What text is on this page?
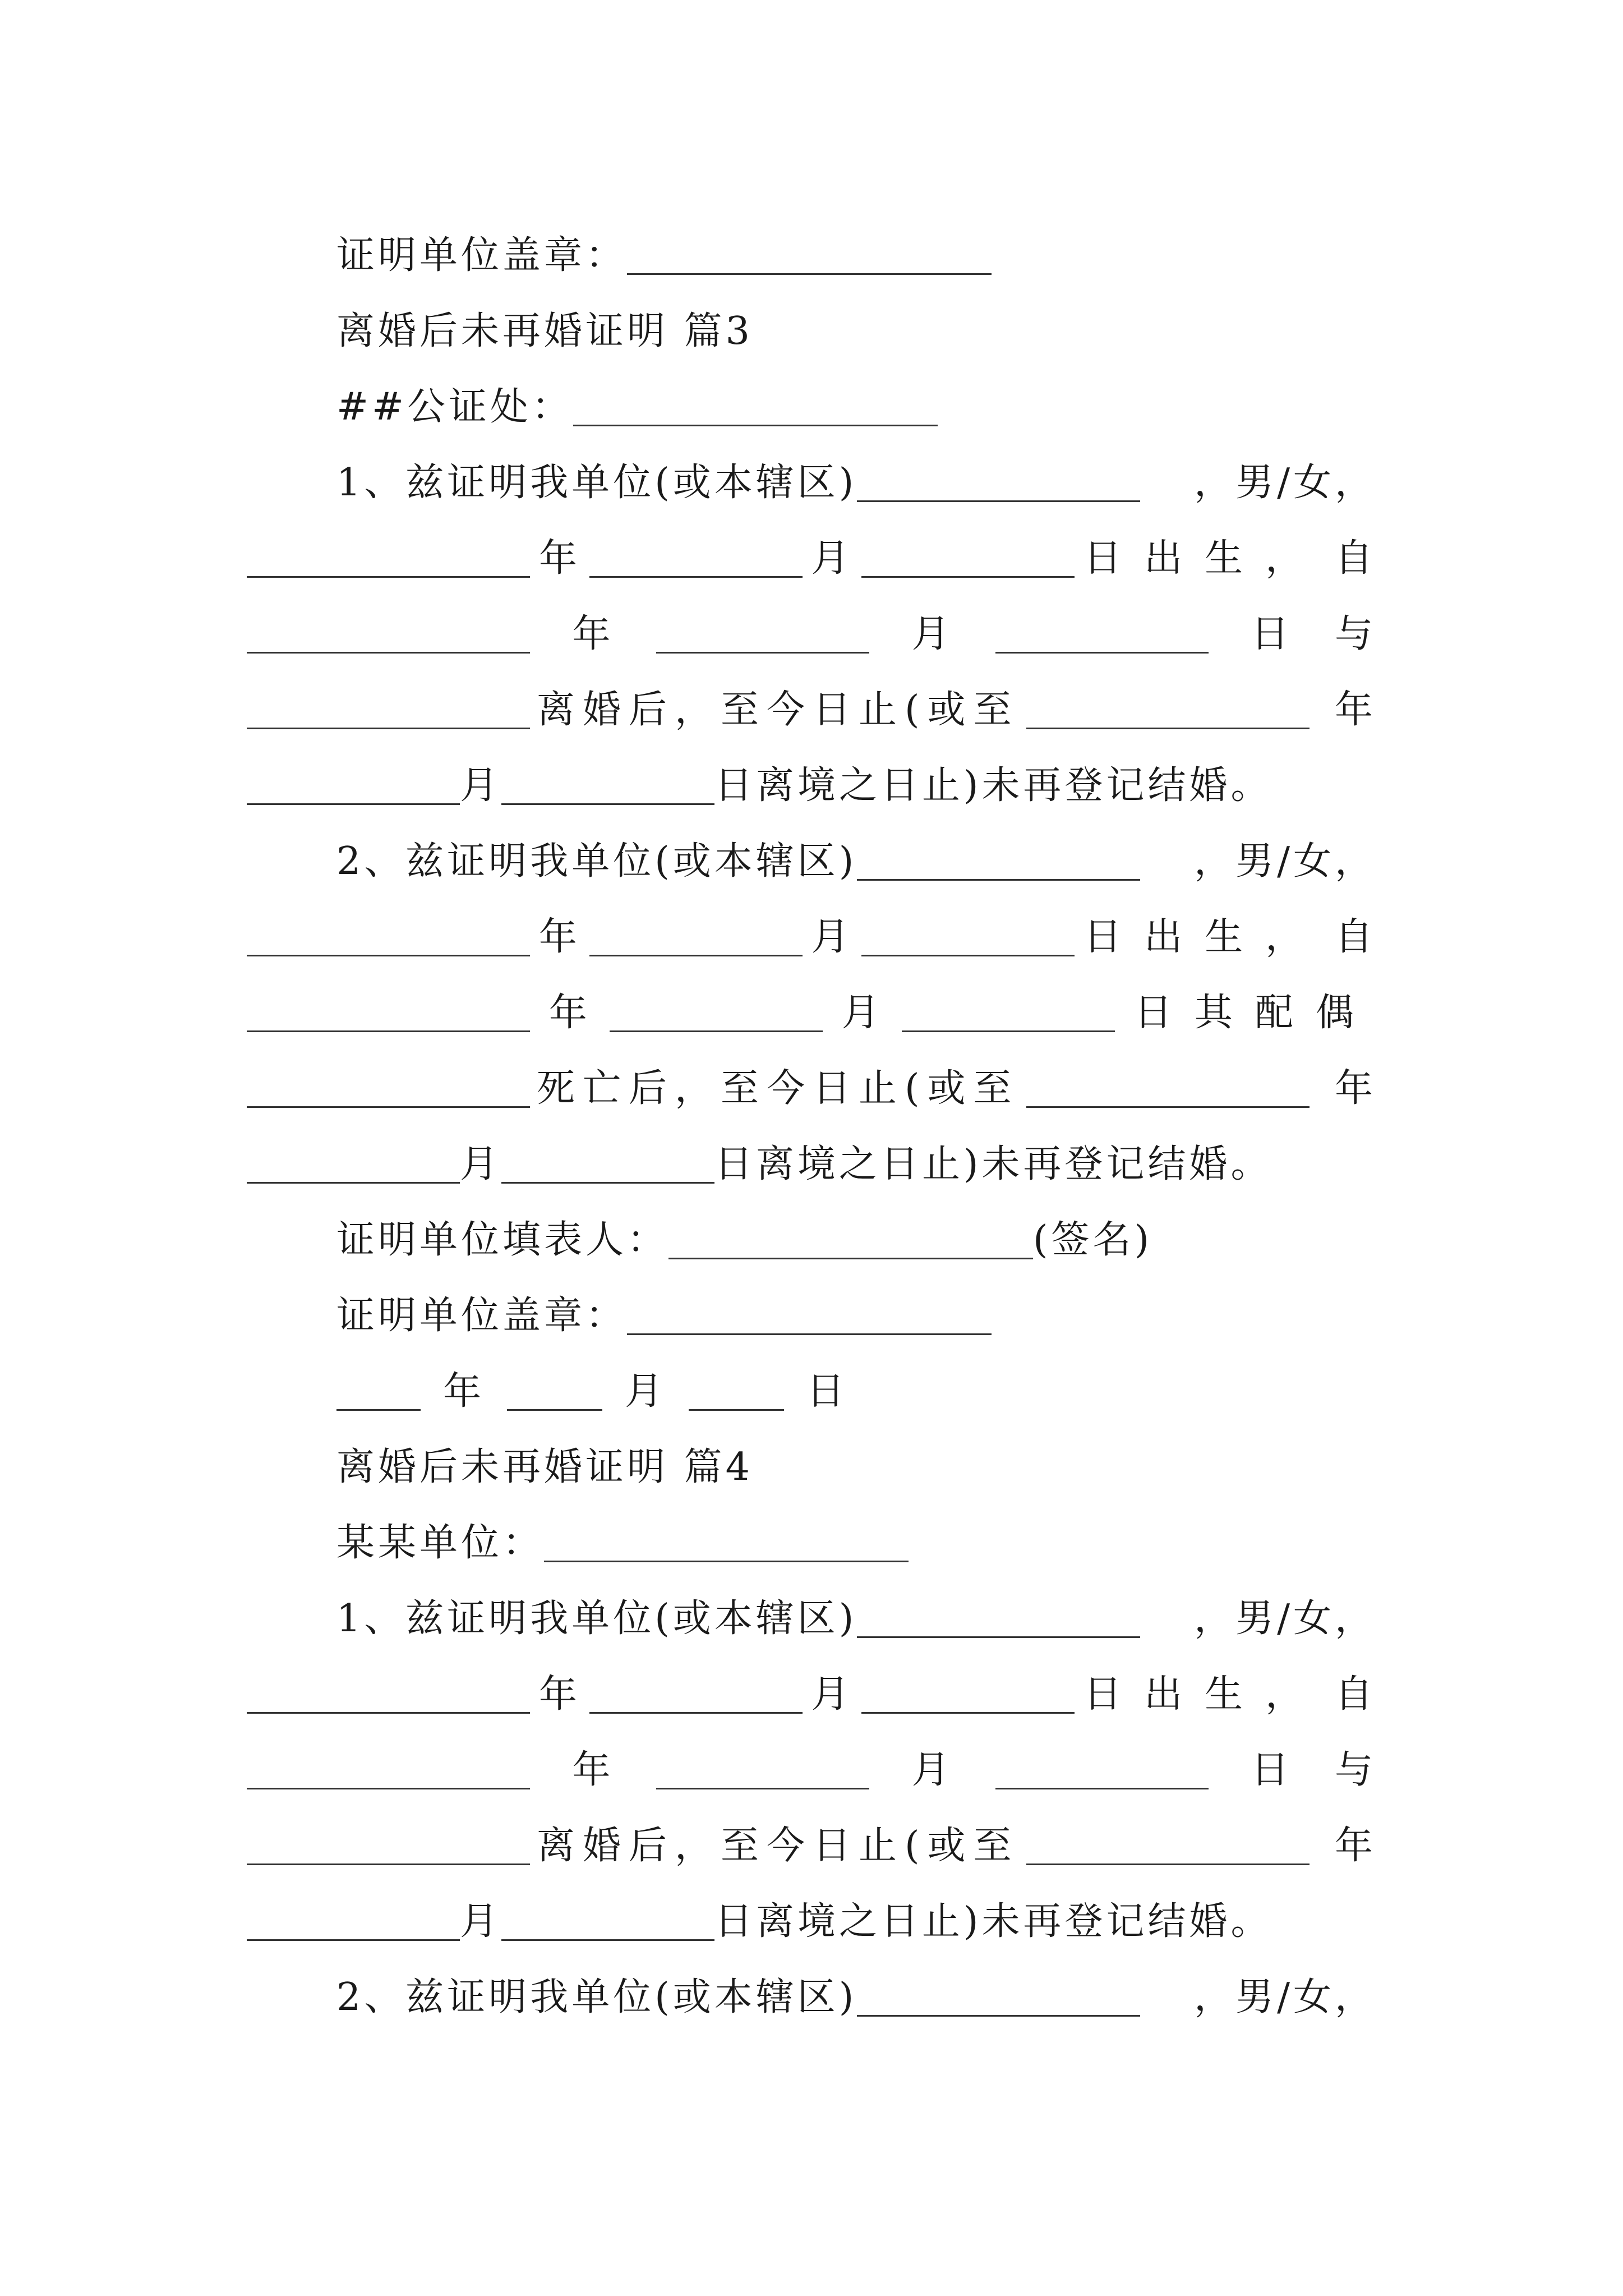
证明单位盖章：
离婚后未再婚证明 篇3
##公证处：
1、兹证明我单位(或本辖区)	，男/女，
年	月	日出生， 自
年	月	日 与
离婚后，至今日止(或至	年
月	日离境之日止)未再登记结婚。
2、兹证明我单位(或本辖区)	，男/女，
年	月	日出生， 自
年	月	日 其配偶
死亡后，至今日止(或至	年
月	日离境之日止)未再登记结婚。
证明单位填表人：	(签名)
证明单位盖章：
年	月	日
离婚后未再婚证明 篇4
某某单位：
1、兹证明我单位(或本辖区)	，男/女，
年	月	日出生， 自
年	月	日 与
离婚后，至今日止(或至	年
月	日离境之日止)未再登记结婚。
2、兹证明我单位(或本辖区)	，男/女，
